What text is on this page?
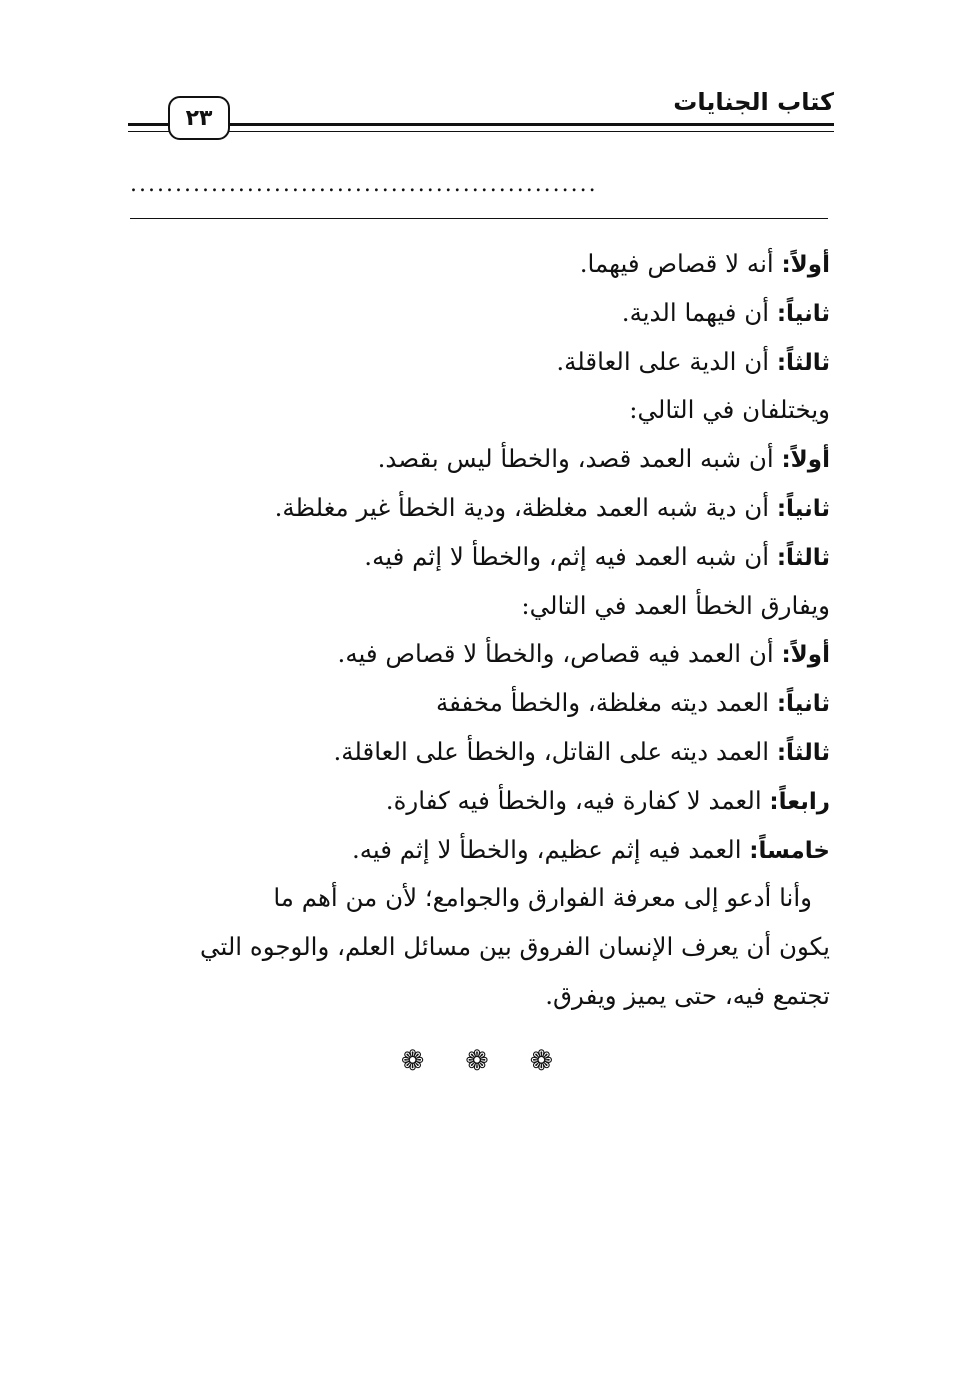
كتاب الجنايات
٢٣
....................................................
أولاً: أنه لا قصاص فيهما.
ثانياً: أن فيهما الدية.
ثالثاً: أن الدية على العاقلة.
ويختلفان في التالي:
أولاً: أن شبه العمد قصد، والخطأ ليس بقصد.
ثانياً: أن دية شبه العمد مغلظة، ودية الخطأ غير مغلظة.
ثالثاً: أن شبه العمد فيه إثم، والخطأ لا إثم فيه.
ويفارق الخطأ العمد في التالي:
أولاً: أن العمد فيه قصاص، والخطأ لا قصاص فيه.
ثانياً: العمد ديته مغلظة، والخطأ مخففة
ثالثاً: العمد ديته على القاتل، والخطأ على العاقلة.
رابعاً: العمد لا كفارة فيه، والخطأ فيه كفارة.
خامساً: العمد فيه إثم عظيم، والخطأ لا إثم فيه.
وأنا أدعو إلى معرفة الفوارق والجوامع؛ لأن من أهم ما
يكون أن يعرف الإنسان الفروق بين مسائل العلم، والوجوه التي
تجتمع فيه، حتى يميز ويفرق.
❁ ❁ ❁
